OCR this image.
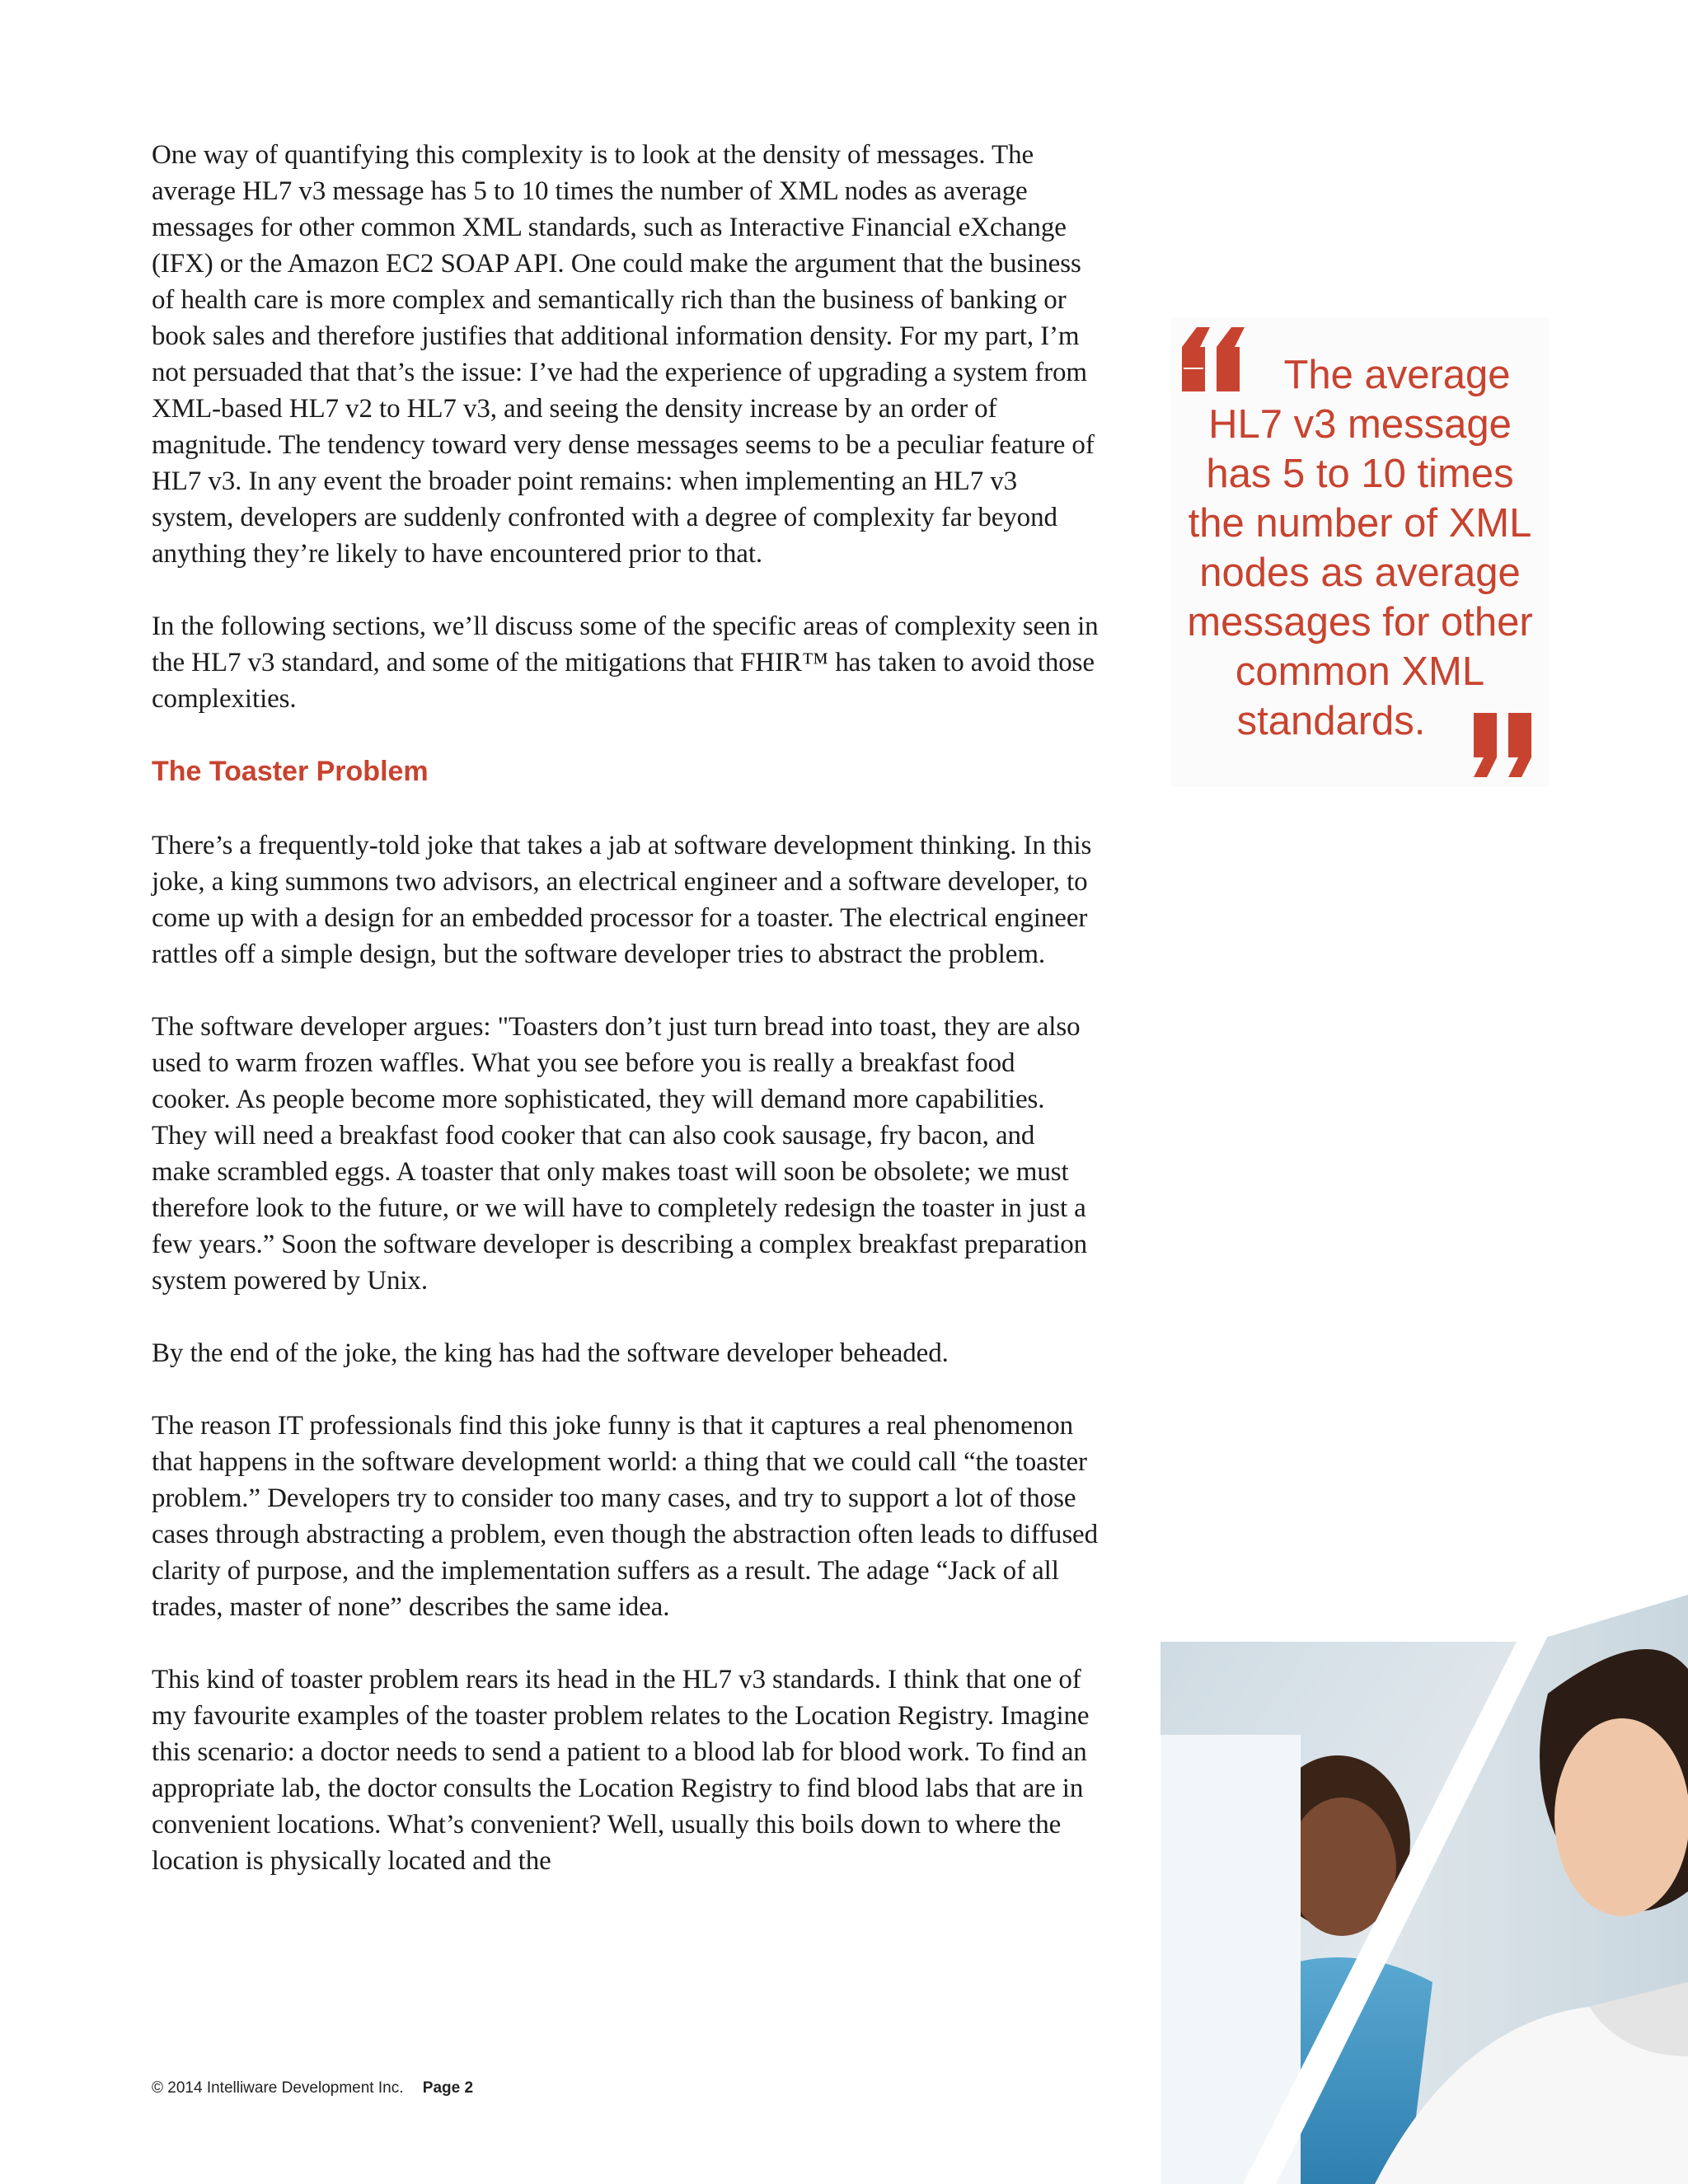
One way of quantifying this complexity is to look at the density of messages. The average HL7 v3 message has 5 to 10 times the number of XML nodes as average messages for other common XML standards, such as Interactive Financial eXchange (IFX) or the Amazon EC2 SOAP API. One could make the argument that the business of health care is more complex and semantically rich than the business of banking or book sales and therefore justifies that additional information density. For my part, I’m not persuaded that that’s the issue: I’ve had the experience of upgrading a system from XML-based HL7 v2 to HL7 v3, and seeing the density increase by an order of magnitude. The tendency toward very dense messages seems to be a peculiar feature of HL7 v3. In any event the broader point remains: when implementing an HL7 v3 system, developers are suddenly confronted with a degree of complexity far beyond anything they’re likely to have encountered prior to that.

In the following sections, we’ll discuss some of the specific areas of complexity seen in the HL7 v3 standard, and some of the mitigations that FHIR™ has taken to avoid those complexities.

The Toaster Problem

There’s a frequently-told joke that takes a jab at software development thinking. In this joke, a king summons two advisors, an electrical engineer and a software developer, to come up with a design for an embedded processor for a toaster. The electrical engineer rattles off a simple design, but the software developer tries to abstract the problem.

The software developer argues: "Toasters don’t just turn bread into toast, they are also used to warm frozen waffles. What you see before you is really a breakfast food cooker. As people become more sophisticated, they will demand more capabilities. They will need a breakfast food cooker that can also cook sausage, fry bacon, and make scrambled eggs. A toaster that only makes toast will soon be obsolete; we must therefore look to the future, or we will have to completely redesign the toaster in just a few years.” Soon the software developer is describing a complex breakfast preparation system powered by Unix.

By the end of the joke, the king has had the software developer beheaded.

The reason IT professionals find this joke funny is that it captures a real phenomenon that happens in the software development world: a thing that we could call “the toaster problem.” Developers try to consider too many cases, and try to support a lot of those cases through abstracting a problem, even though the abstraction often leads to diffused clarity of purpose, and the implementation suffers as a result. The adage “Jack of all trades, master of none” describes the same idea.

This kind of toaster problem rears its head in the HL7 v3 standards. I think that one of my favourite examples of the toaster problem relates to the Location Registry. Imagine this scenario: a doctor needs to send a patient to a blood lab for blood work. To find an appropriate lab, the doctor consults the Location Registry to find blood labs that are in convenient locations. What’s convenient? Well, usually this boils down to where the location is physically located and the

The average
HL7 v3 message
has 5 to 10 times
the number of XML
nodes as average
messages for other
common XML
standards.
© 2014 Intelliware Development Inc. Page 2
